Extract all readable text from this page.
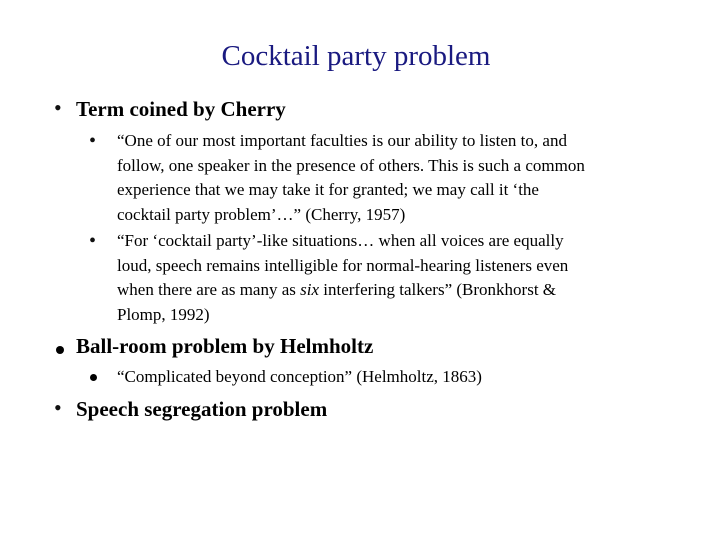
Cocktail party problem
• Term coined by Cherry
• “One of our most important faculties is our ability to listen to, and
follow, one speaker in the presence of others. This is such a common
experience that we may take it for granted; we may call it ‘the
cocktail party problem’…” (Cherry, 1957)
• “For ‘cocktail party’-like situations… when all voices are equally
loud, speech remains intelligible for normal-hearing listeners even
when there are as many as six interfering talkers” (Bronkhorst &
Plomp, 1992)
Ball-room problem by Helmholtz
“Complicated beyond conception” (Helmholtz, 1863)
• Speech segregation problem
